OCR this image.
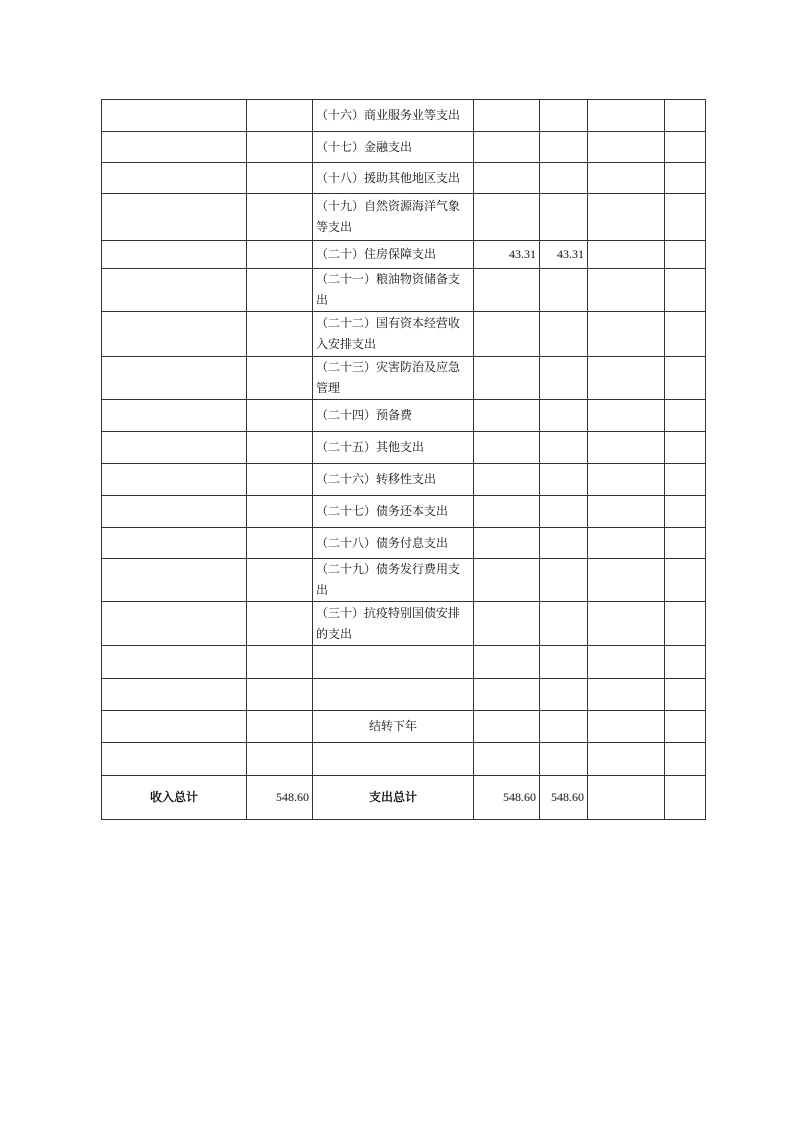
		（十六）商业服务业等支出				
		（十七）金融支出				
		（十八）援助其他地区支出				
		（十九）自然资源海洋气象等支出				
		（二十）住房保障支出	43.31	43.31		
		（二十一）粮油物资储备支出				
		（二十二）国有资本经营收入安排支出				
		（二十三）灾害防治及应急管理				
		（二十四）预备费				
		（二十五）其他支出				
		（二十六）转移性支出				
		（二十七）债务还本支出				
		（二十八）债务付息支出				
		（二十九）债务发行费用支出				
		（三十）抗疫特别国债安排的支出				

		结转下年				

收入总计	548.60	支出总计	548.60	548.60		
